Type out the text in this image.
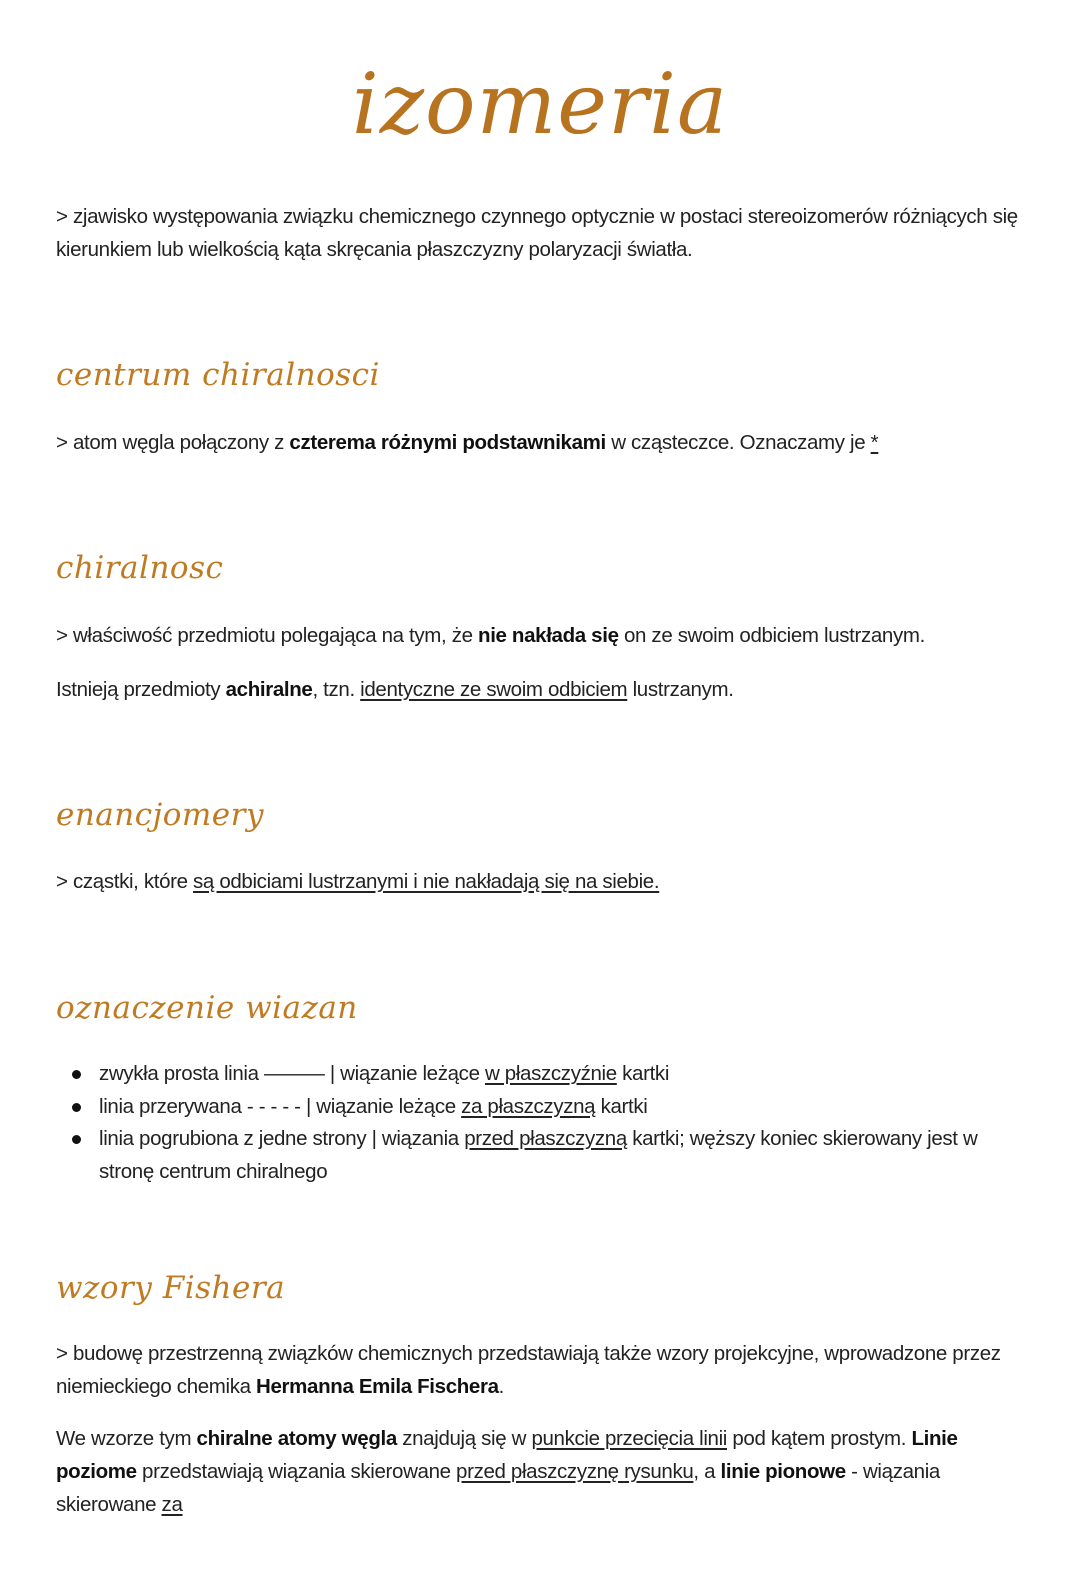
izomeria
> zjawisko występowania związku chemicznego czynnego optycznie w postaci stereoizomerów różniących się kierunkiem lub wielkością kąta skręcania płaszczyzny polaryzacji światła.
centrum chiralnosci
> atom węgla połączony z czterema różnymi podstawnikami w cząsteczce. Oznaczamy je *
chiralnosc
> właściwość przedmiotu polegająca na tym, że nie nakłada się on ze swoim odbiciem lustrzanym.
Istnieją przedmioty achiralne, tzn. identyczne ze swoim odbiciem lustrzanym.
enancjomery
> cząstki, które są odbiciami lustrzanymi i nie nakładają się na siebie.
oznaczenie wiazan
zwykła prosta linia ——— | wiązanie leżące w płaszczyźnie kartki
linia przerywana - - - - - | wiązanie leżące za płaszczyzną kartki
linia pogrubiona z jedne strony | wiązania przed płaszczyzną kartki; węższy koniec skierowany jest w stronę centrum chiralnego
wzory Fishera
> budowę przestrzenną związków chemicznych przedstawiają także wzory projekcyjne, wprowadzone przez niemieckiego chemika Hermanna Emila Fischera.
We wzorze tym chiralne atomy węgla znajdują się w punkcie przecięcia linii pod kątem prostym. Linie poziome przedstawiają wiązania skierowane przed płaszczyznę rysunku, a linie pionowe - wiązania skierowane za
